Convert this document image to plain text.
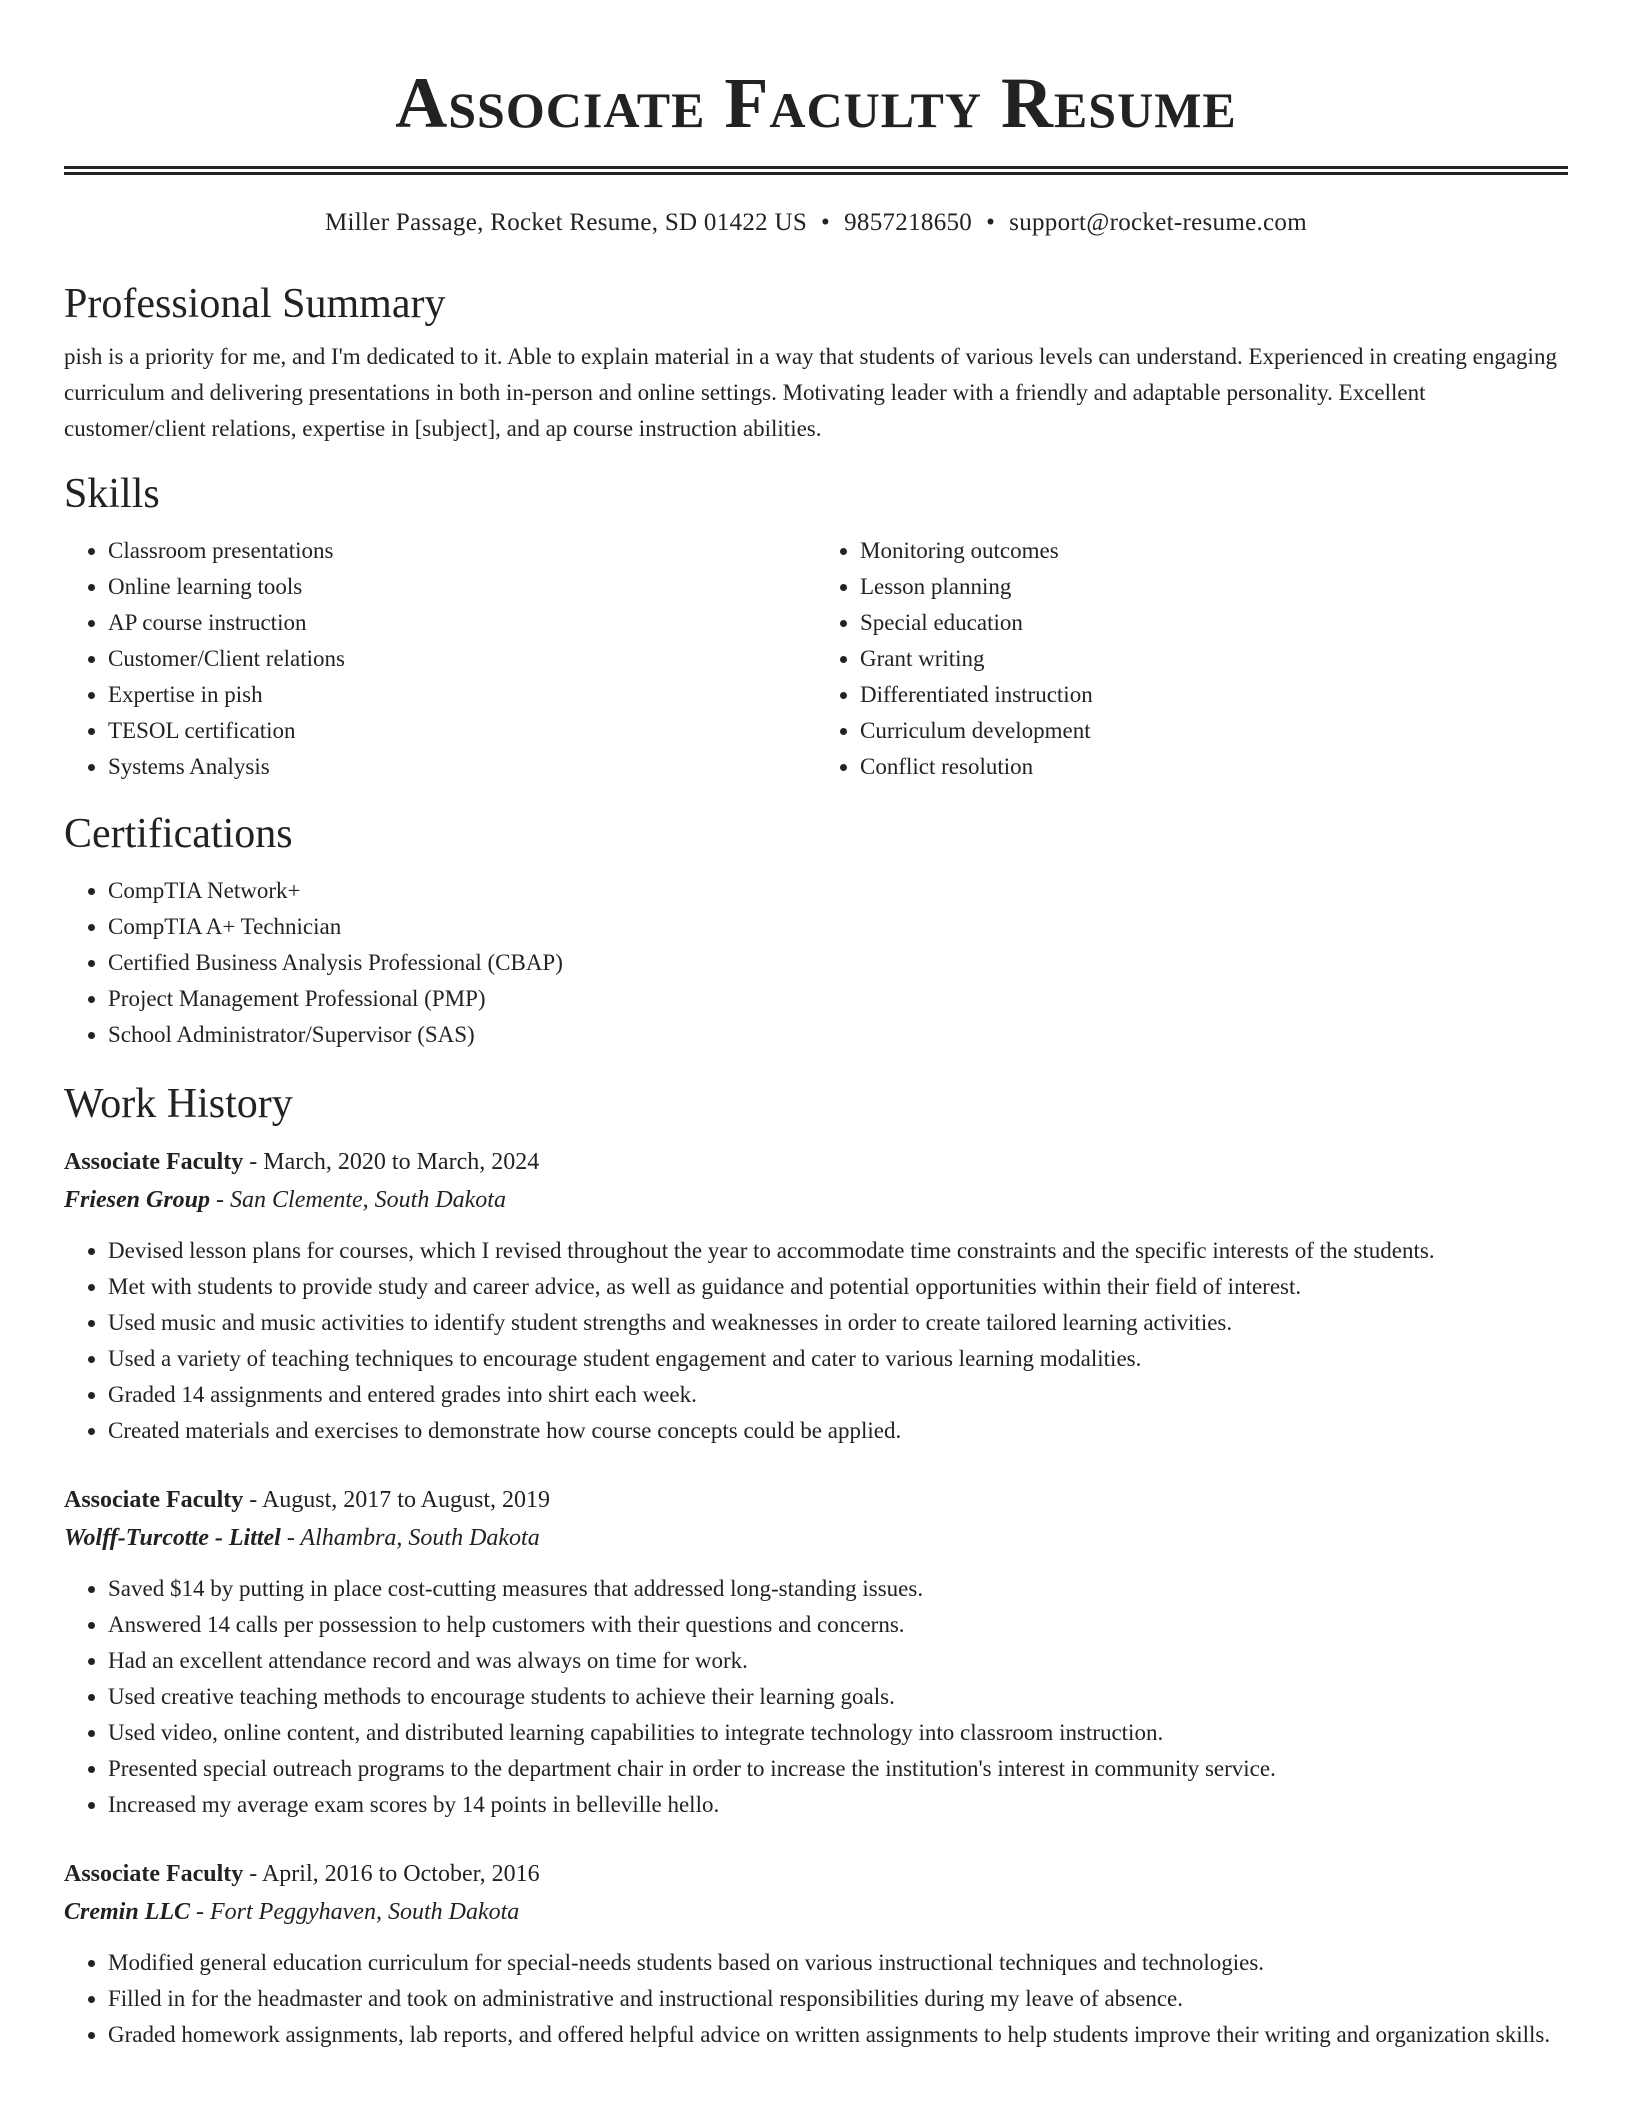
Associate Faculty Resume
Miller Passage, Rocket Resume, SD 01422 US • 9857218650 • support@rocket-resume.com
Professional Summary

pish is a priority for me, and I'm dedicated to it. Able to explain material in a way that students of various levels can understand. Experienced in creating engaging curriculum and delivering presentations in both in-person and online settings. Motivating leader with a friendly and adaptable personality. Excellent customer/client relations, expertise in [subject], and ap course instruction abilities.

Skills
• Classroom presentations
• Online learning tools
• AP course instruction
• Customer/Client relations
• Expertise in pish
• TESOL certification
• Systems Analysis
• Monitoring outcomes
• Lesson planning
• Special education
• Grant writing
• Differentiated instruction
• Curriculum development
• Conflict resolution
Certifications
• CompTIA Network+
• CompTIA A+ Technician
• Certified Business Analysis Professional (CBAP)
• Project Management Professional (PMP)
• School Administrator/Supervisor (SAS)
Work History
Associate Faculty - March, 2020 to March, 2024
Friesen Group - San Clemente, South Dakota
• Devised lesson plans for courses, which I revised throughout the year to accommodate time constraints and the specific interests of the students.
• Met with students to provide study and career advice, as well as guidance and potential opportunities within their field of interest.
• Used music and music activities to identify student strengths and weaknesses in order to create tailored learning activities.
• Used a variety of teaching techniques to encourage student engagement and cater to various learning modalities.
• Graded 14 assignments and entered grades into shirt each week.
• Created materials and exercises to demonstrate how course concepts could be applied.
Associate Faculty - August, 2017 to August, 2019
Wolff-Turcotte - Littel - Alhambra, South Dakota
• Saved $14 by putting in place cost-cutting measures that addressed long-standing issues.
• Answered 14 calls per possession to help customers with their questions and concerns.
• Had an excellent attendance record and was always on time for work.
• Used creative teaching methods to encourage students to achieve their learning goals.
• Used video, online content, and distributed learning capabilities to integrate technology into classroom instruction.
• Presented special outreach programs to the department chair in order to increase the institution's interest in community service.
• Increased my average exam scores by 14 points in belleville hello.
Associate Faculty - April, 2016 to October, 2016
Cremin LLC - Fort Peggyhaven, South Dakota
• Modified general education curriculum for special-needs students based on various instructional techniques and technologies.
• Filled in for the headmaster and took on administrative and instructional responsibilities during my leave of absence.
• Graded homework assignments, lab reports, and offered helpful advice on written assignments to help students improve their writing and organization skills.
